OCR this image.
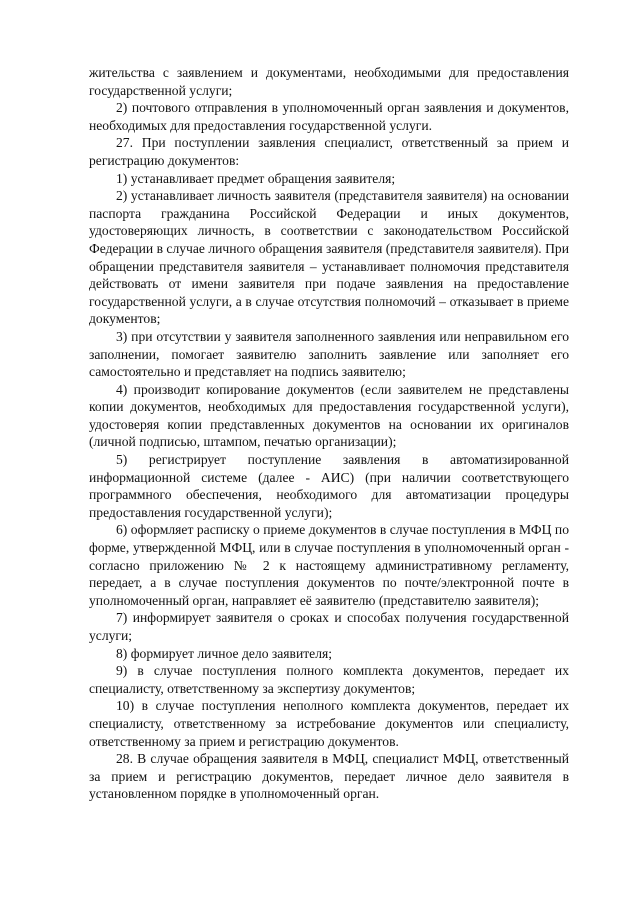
жительства с заявлением и документами, необходимыми для предоставления государственной услуги;

2) почтового отправления в уполномоченный орган заявления и документов, необходимых для предоставления государственной услуги.

27. При поступлении заявления специалист, ответственный за прием и регистрацию документов:

1) устанавливает предмет обращения заявителя;

2) устанавливает личность заявителя (представителя заявителя) на основании паспорта гражданина Российской Федерации и иных документов, удостоверяющих личность, в соответствии с законодательством Российской Федерации в случае личного обращения заявителя (представителя заявителя). При обращении представителя заявителя – устанавливает полномочия представителя действовать от имени заявителя при подаче заявления на предоставление государственной услуги, а в случае отсутствия полномочий – отказывает в приеме документов;

3) при отсутствии у заявителя заполненного заявления или неправильном его заполнении, помогает заявителю заполнить заявление или заполняет его самостоятельно и представляет на подпись заявителю;

4) производит копирование документов (если заявителем не представлены копии документов, необходимых для предоставления государственной услуги), удостоверяя копии представленных документов на основании их оригиналов (личной подписью, штампом, печатью организации);

5) регистрирует поступление заявления в автоматизированной информационной системе (далее - АИС) (при наличии соответствующего программного обеспечения, необходимого для автоматизации процедуры предоставления государственной услуги);

6) оформляет расписку о приеме документов в случае поступления в МФЦ по форме, утвержденной МФЦ, или в случае поступления в уполномоченный орган - согласно приложению № 2 к настоящему административному регламенту, передает, а в случае поступления документов по почте/электронной почте в уполномоченный орган, направляет её заявителю (представителю заявителя);

7) информирует заявителя о сроках и способах получения государственной услуги;

8) формирует личное дело заявителя;

9) в случае поступления полного комплекта документов, передает их специалисту, ответственному за экспертизу документов;

10) в случае поступления неполного комплекта документов, передает их специалисту, ответственному за истребование документов или специалисту, ответственному за прием и регистрацию документов.

28. В случае обращения заявителя в МФЦ, специалист МФЦ, ответственный за прием и регистрацию документов, передает личное дело заявителя в установленном порядке в уполномоченный орган.
